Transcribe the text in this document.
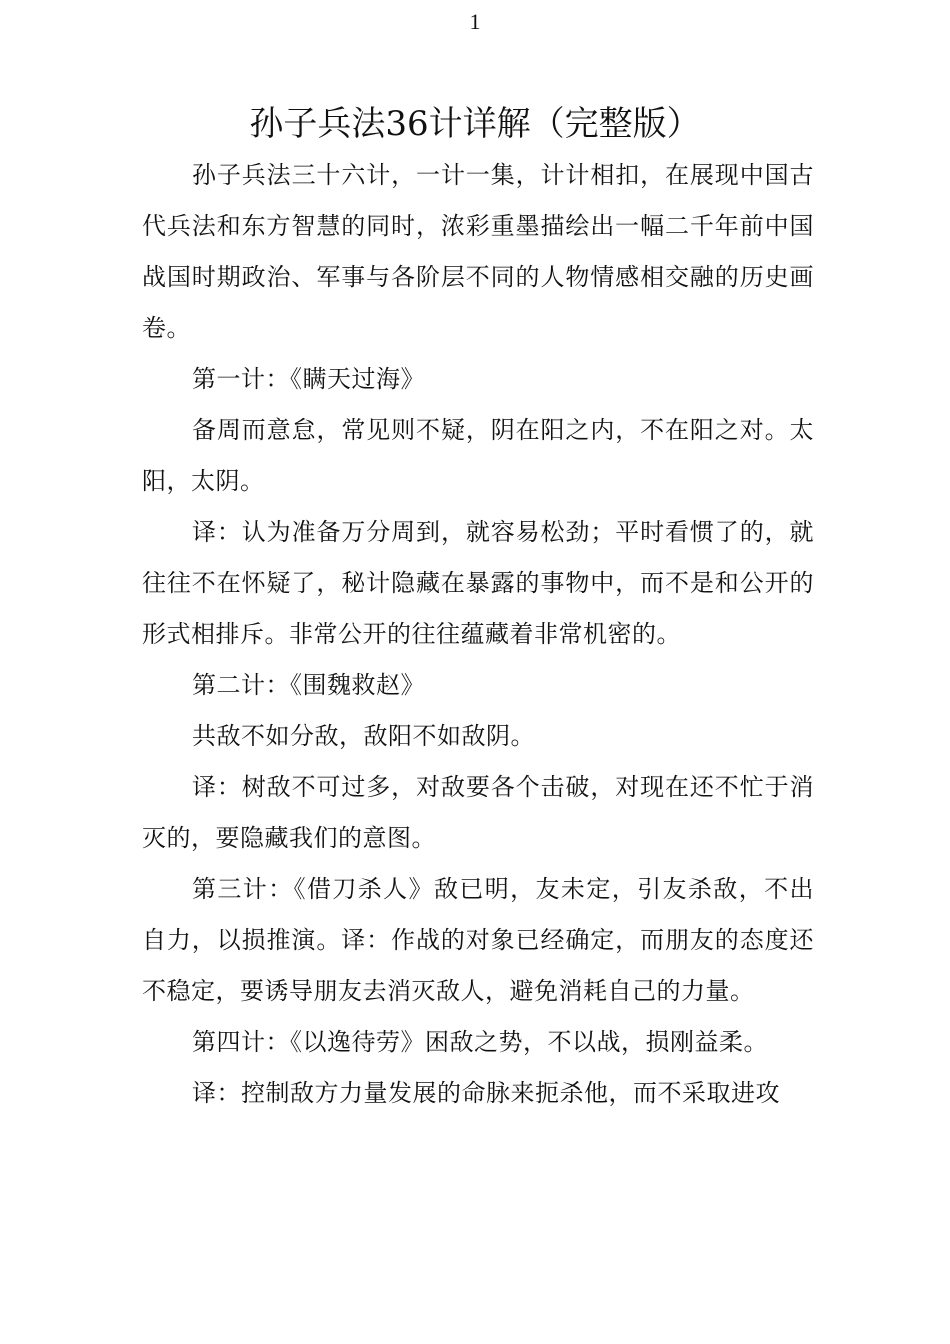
1
孙子兵法36计详解（完整版）

孙子兵法三十六计，一计一集，计计相扣，在展现中国古代兵法和东方智慧的同时，浓彩重墨描绘出一幅二千年前中国战国时期政治、军事与各阶层不同的人物情感相交融的历史画卷。

第一计：《瞒天过海》

备周而意怠，常见则不疑，阴在阳之内，不在阳之对。太阳，太阴。

译：认为准备万分周到，就容易松劲；平时看惯了的，就往往不在怀疑了，秘计隐藏在暴露的事物中，而不是和公开的形式相排斥。非常公开的往往蕴藏着非常机密的。

第二计：《围魏救赵》

共敌不如分敌，敌阳不如敌阴。

译：树敌不可过多，对敌要各个击破，对现在还不忙于消灭的，要隐藏我们的意图。

第三计：《借刀杀人》敌已明，友未定，引友杀敌，不出自力，以损推演。译：作战的对象已经确定，而朋友的态度还不稳定，要诱导朋友去消灭敌人，避免消耗自己的力量。

第四计：《以逸待劳》困敌之势，不以战，损刚益柔。

译：控制敌方力量发展的命脉来扼杀他，而不采取进攻
